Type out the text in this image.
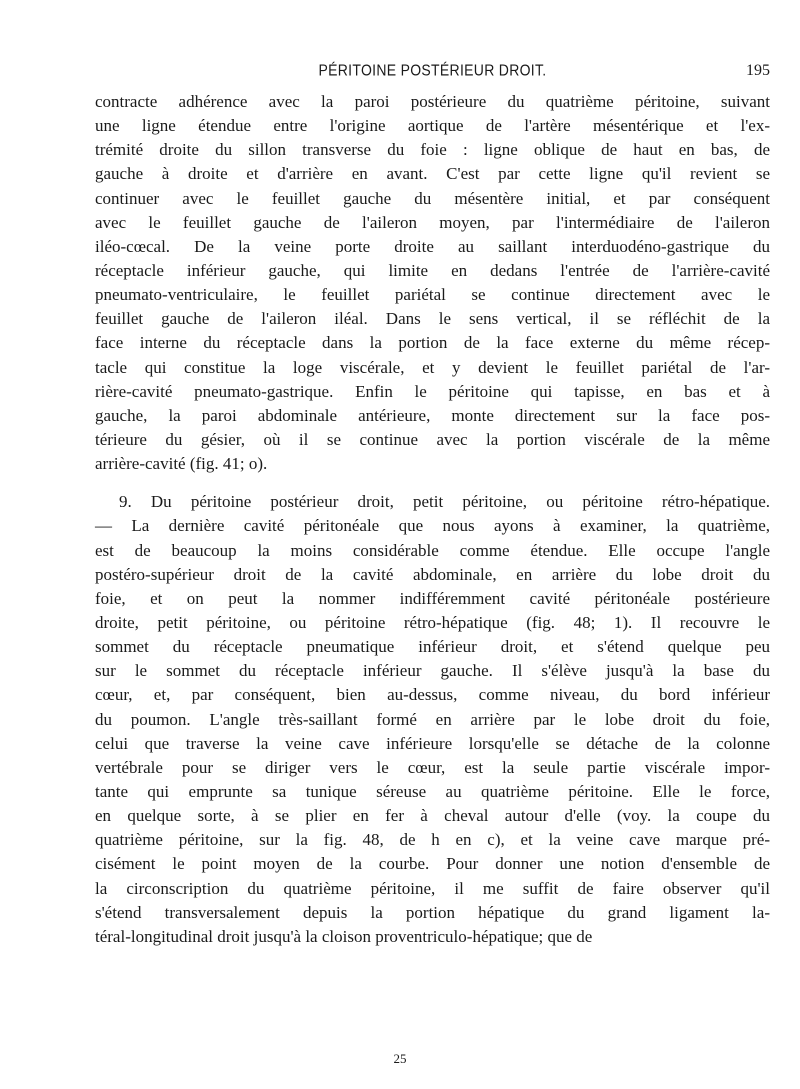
PÉRITOINE POSTÉRIEUR DROIT.	195
contracte adhérence avec la paroi postérieure du quatrième péritoine, suivant
une ligne étendue entre l'origine aortique de l'artère mésentérique et l'ex-
trémité droite du sillon transverse du foie : ligne oblique de haut en bas, de
gauche à droite et d'arrière en avant. C'est par cette ligne qu'il revient se
continuer avec le feuillet gauche du mésentère initial, et par conséquent
avec le feuillet gauche de l'aileron moyen, par l'intermédiaire de l'aileron
iléo-cœcal. De la veine porte droite au saillant interduodéno-gastrique du
réceptacle inférieur gauche, qui limite en dedans l'entrée de l'arrière-cavité
pneumato-ventriculaire, le feuillet pariétal se continue directement avec le
feuillet gauche de l'aileron iléal. Dans le sens vertical, il se réfléchit de la
face interne du réceptacle dans la portion de la face externe du même récep-
tacle qui constitue la loge viscérale, et y devient le feuillet pariétal de l'ar-
rière-cavité pneumato-gastrique. Enfin le péritoine qui tapisse, en bas et à
gauche, la paroi abdominale antérieure, monte directement sur la face pos-
térieure du gésier, où il se continue avec la portion viscérale de la même
arrière-cavité (fig. 41; o).
9. Du péritoine postérieur droit, petit péritoine, ou péritoine rétro-hépatique.
— La dernière cavité péritonéale que nous ayons à examiner, la quatrième,
est de beaucoup la moins considérable comme étendue. Elle occupe l'angle
postéro-supérieur droit de la cavité abdominale, en arrière du lobe droit du
foie, et on peut la nommer indifféremment cavité péritonéale postérieure
droite, petit péritoine, ou péritoine rétro-hépatique (fig. 48; 1). Il recouvre le
sommet du réceptacle pneumatique inférieur droit, et s'étend quelque peu
sur le sommet du réceptacle inférieur gauche. Il s'élève jusqu'à la base du
cœur, et, par conséquent, bien au-dessus, comme niveau, du bord inférieur
du poumon. L'angle très-saillant formé en arrière par le lobe droit du foie,
celui que traverse la veine cave inférieure lorsqu'elle se détache de la colonne
vertébrale pour se diriger vers le cœur, est la seule partie viscérale impor-
tante qui emprunte sa tunique séreuse au quatrième péritoine. Elle le force,
en quelque sorte, à se plier en fer à cheval autour d'elle (voy. la coupe du
quatrième péritoine, sur la fig. 48, de h en c), et la veine cave marque pré-
cisément le point moyen de la courbe. Pour donner une notion d'ensemble de
la circonscription du quatrième péritoine, il me suffit de faire observer qu'il
s'étend transversalement depuis la portion hépatique du grand ligament la-
téral-longitudinal droit jusqu'à la cloison proventriculo-hépatique; que de
25
